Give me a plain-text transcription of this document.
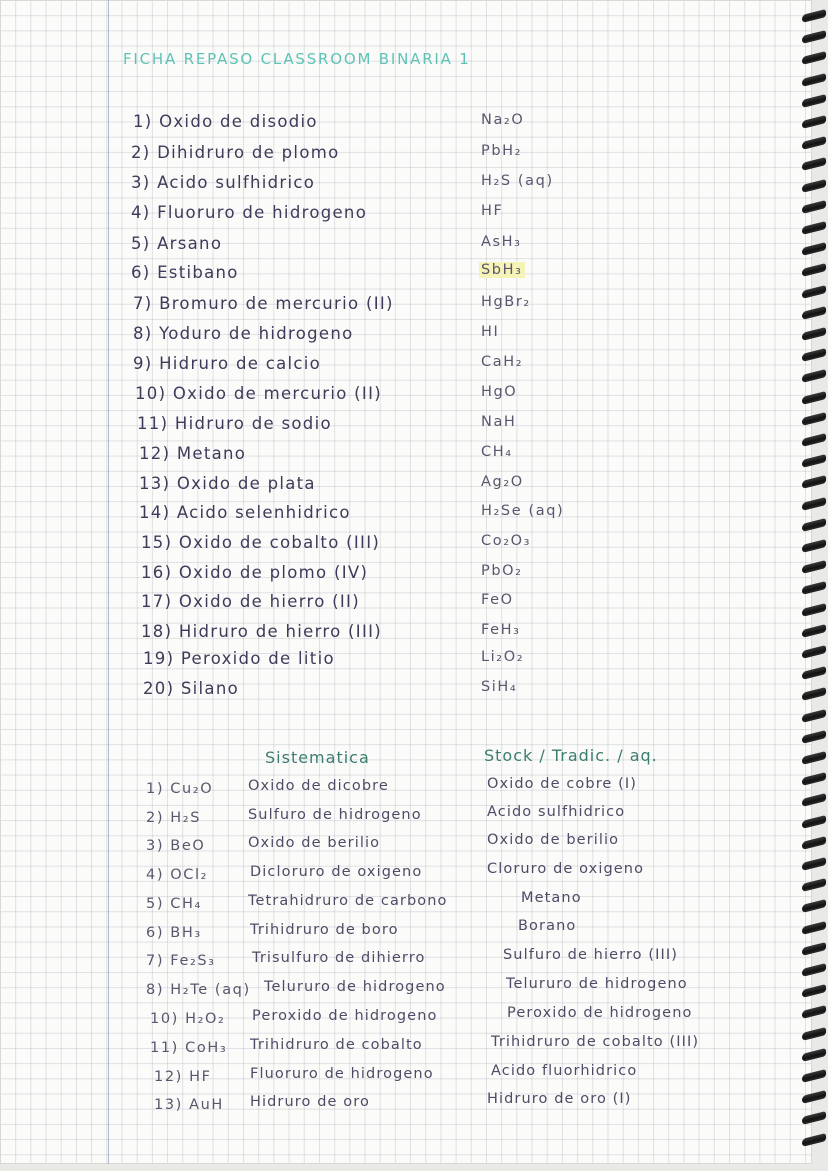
FICHA REPASO CLASSROOM BINARIA 1
1) Oxido de disodio	Na₂O
2) Dihidruro de plomo	PbH₂
3) Acido sulfhidrico	H₂S (aq)
4) Fluoruro de hidrogeno	HF
5) Arsano	AsH₃
6) Estibano	SbH₃
7) Bromuro de mercurio (II)	HgBr₂
8) Yoduro de hidrogeno	HI
9) Hidruro de calcio	CaH₂
10) Oxido de mercurio (II)	HgO
11) Hidruro de sodio	NaH
12) Metano	CH₄
13) Oxido de plata	Ag₂O
14) Acido selenhidrico	H₂Se (aq)
15) Oxido de cobalto (III)	Co₂O₃
16) Oxido de plomo (IV)	PbO₂
17) Oxido de hierro (II)	FeO
18) Hidruro de hierro (III)	FeH₃
19) Peroxido de litio	Li₂O₂
20) Silano	SiH₄
Sistematica	Stock / Tradic. / aq.
1) Cu₂O Oxido de dicobre	Oxido de cobre (I)
2) H₂S	Sulfuro de hidrogeno	Acido sulfhidrico
3) BeO	Oxido de berilio	Oxido de berilio
4) OCl₂	Dicloruro de oxigeno	Cloruro de oxigeno
5) CH₄	Tetrahidruro de carbono	Metano
6) BH₃	Trihidruro de boro	Borano
7) Fe₂S₃	Trisulfuro de dihierro	Sulfuro de hierro (III)
8) H₂Te (aq) Telururo de hidrogeno	Telururo de hidrogeno
10) H₂O₂ Peroxido de hidrogeno	Peroxido de hidrogeno
11) CoH₃ Trihidruro de cobalto	Trihidruro de cobalto (III)
12) HF	Fluoruro de hidrogeno	Acido fluorhidrico
13) AuH Hidruro de oro	Hidruro de oro (I)
